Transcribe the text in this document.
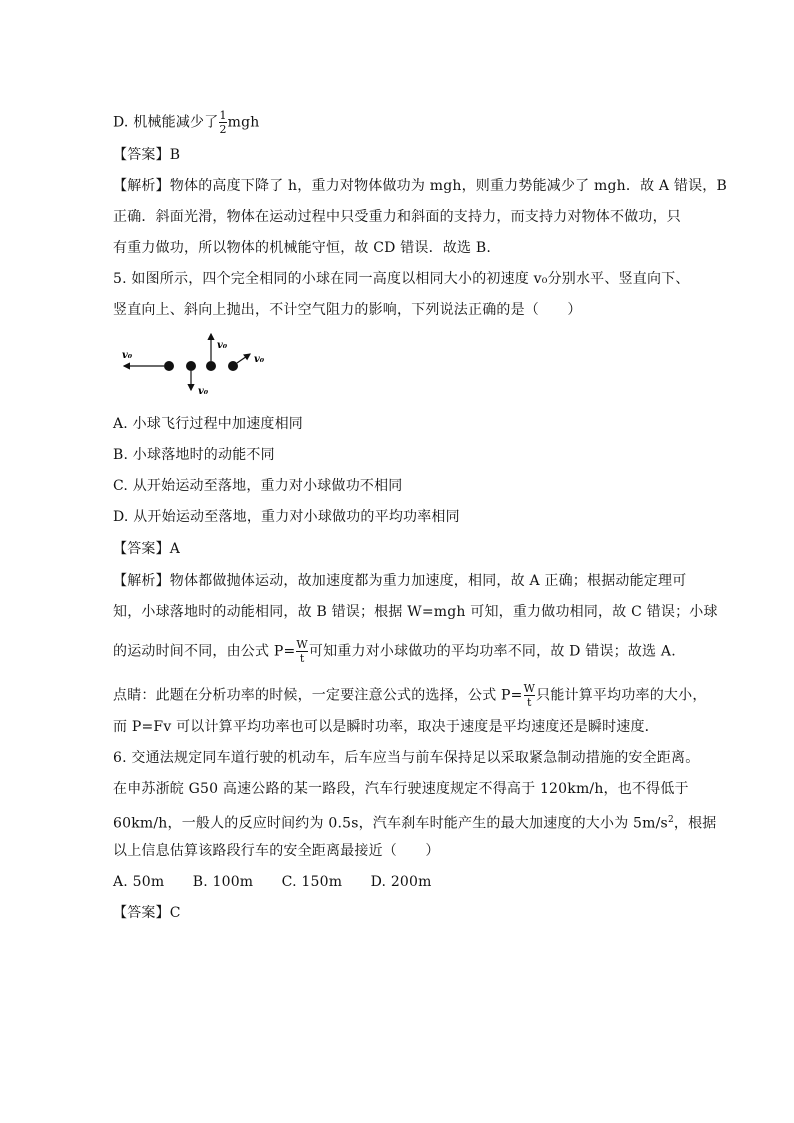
D. 机械能减少了 $\frac{1}{2}$ mgh
【答案】B
【解析】物体的高度下降了 h，重力对物体做功为 mgh，则重力势能减少了 mgh．故 A 错误，B
正确．斜面光滑，物体在运动过程中只受重力和斜面的支持力，而支持力对物体不做功，只
有重力做功，所以物体的机械能守恒，故 CD 错误．故选 B.
5. 如图所示，四个完全相同的小球在同一高度以相同大小的初速度 v₀分别水平、竖直向下、
竖直向上、斜向上抛出，不计空气阻力的影响，下列说法正确的是（　　）
v₀
v₀
v₀
v₀
A. 小球飞行过程中加速度相同
B. 小球落地时的动能不同
C. 从开始运动至落地，重力对小球做功不相同
D. 从开始运动至落地，重力对小球做功的平均功率相同
【答案】A
【解析】物体都做抛体运动，故加速度都为重力加速度，相同，故 A 正确；根据动能定理可
知，小球落地时的动能相同，故 B 错误；根据 W=mgh 可知，重力做功相同，故 C 错误；小球
的运动时间不同，由公式 $P= \frac{W}{t}$ 可知重力对小球做功的平均功率不同，故 D 错误；故选 A.
点睛：此题在分析功率的时候，一定要注意公式的选择，公式 $P= \frac{W}{t}$ 只能计算平均功率的大小，
而 P=Fv 可以计算平均功率也可以是瞬时功率，取决于速度是平均速度还是瞬时速度．
6. 交通法规定同车道行驶的机动车，后车应当与前车保持足以采取紧急制动措施的安全距离。
在申苏浙皖 G50 高速公路的某一路段，汽车行驶速度规定不得高于 120km/h，也不得低于
60km/h，一般人的反应时间约为 0.5s，汽车刹车时能产生的最大加速度的大小为 $5m/s^2$，根据
以上信息估算该路段行车的安全距离最接近（　　）
A. 50m　　B. 100m　　C. 150m　　D. 200m
【答案】C
